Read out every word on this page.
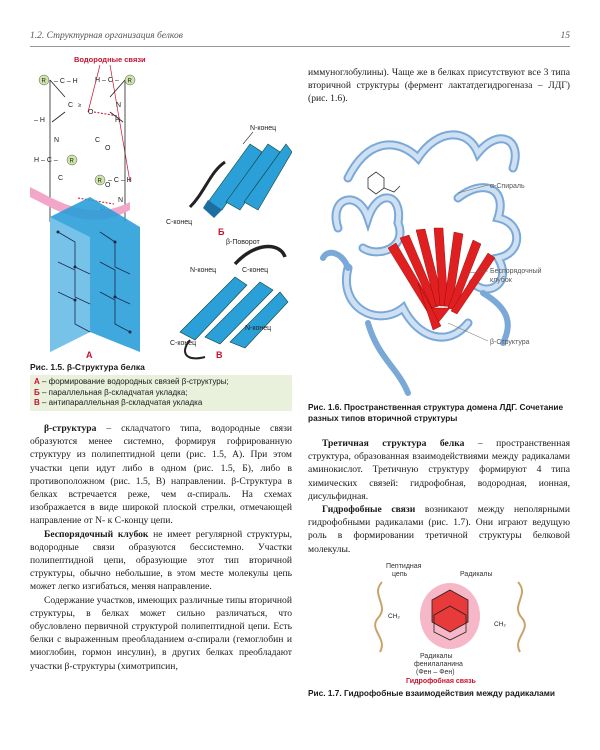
1.2. Структурная организация белков	15
Водородные связи
R – C – H
C ≥
O
– H
N
H – C – R
C
H – C – R
N
H
C
O
R – C – H
N
O
А
N-конец
С-конец
Б
β-Поворот
N-конец	С-конец
N-конец
С-конец
В
Рис. 1.5. β-Структура белка
А – формирование водородных связей β-структуры;
Б – параллельная β-складчатая укладка;
В – антипараллельная β-складчатая укладка

β-структура – складчатого типа, водородные связи образуются менее системно, формируя гофрированную структуру из полипептидной цепи (рис. 1.5, А). При этом участки цепи идут либо в одном (рис. 1.5, Б), либо в противоположном (рис. 1.5, В) направлении. β-Структура в белках встречается реже, чем α-спираль. На схемах изображается в виде широкой плоской стрелки, отмечающей направление от N- к С-концу цепи.

Беспорядочный клубок не имеет регулярной структуры, водородные связи образуются бессистемно. Участки полипептидной цепи, образующие этот тип вторичной структуры, обычно небольшие, в этом месте молекулы цепь может легко изгибаться, меняя направление.

Содержание участков, имеющих различные типы вторичной структуры, в белках может сильно различаться, что обусловлено первичной структурой полипептидной цепи. Есть белки с выраженным преобладанием α-спирали (гемоглобин и миоглобин, гормон инсулин), в других белках преобладают участки β-структуры (химотрипсин,

иммуноглобулины). Чаще же в белках присутствуют все 3 типа вторичной структуры (фермент лактатдегидрогеназа – ЛДГ) (рис. 1.6).

α-Спираль
Беспорядочный
клубок
β-Структура
Рис. 1.6. Пространственная структура домена ЛДГ. Сочетание разных типов вторичной структуры

Третичная структура белка – пространственная структура, образованная взаимодействиями между радикалами аминокислот. Третичную структуру формируют 4 типа химических связей: гидрофобная, водородная, ионная, дисульфидная.

Гидрофобные связи возникают между неполярными гидрофобными радикалами (рис. 1.7). Они играют ведущую роль в формировании третичной структуры белковой молекулы.

Пептидная
цепь	Радикалы
CH₂
CH₂
Радикалы
фенилаланина
(Фен – Фен)
Гидрофобная связь
Рис. 1.7. Гидрофобные взаимодействия между радикалами
